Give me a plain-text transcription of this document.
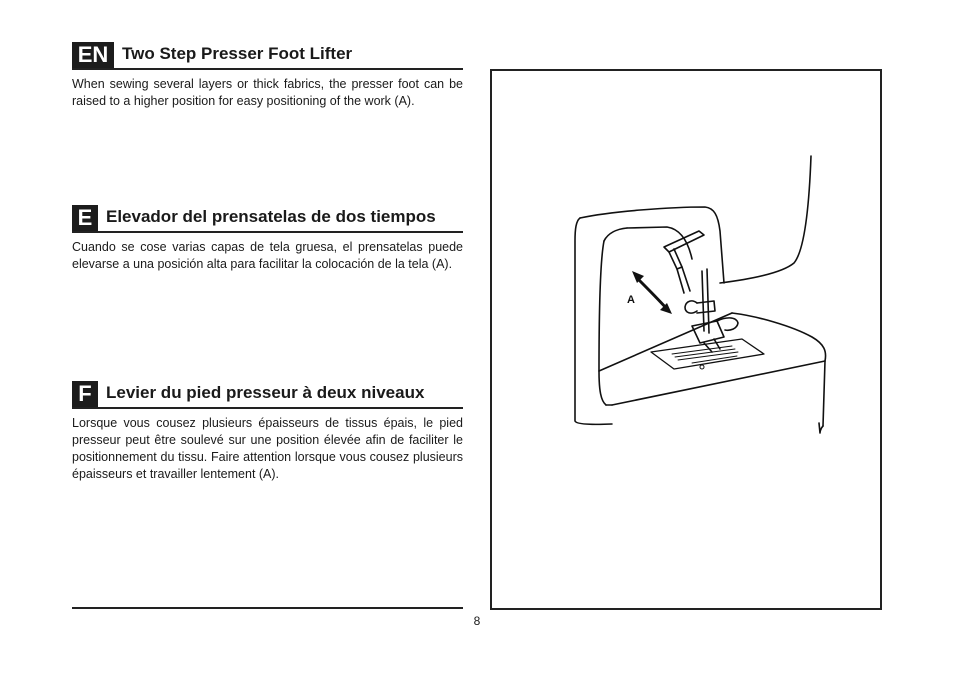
EN Two Step Presser Foot Lifter
When sewing several layers or thick fabrics, the presser foot can be raised to a higher position for easy positioning of the work (A).
E Elevador del prensatelas de dos tiempos
Cuando se cose varias capas de tela gruesa, el prensatelas puede elevarse a una posición alta para facilitar la colocación de la tela (A).
F Levier du pied presseur à deux niveaux
Lorsque vous cousez plusieurs épaisseurs de tissus épais, le pied presseur peut être soulevé sur une position élevée afin de faciliter le positionnement du tissu. Faire attention lorsque vous cousez plusieurs épaisseurs et travailler lentement (A).
8
A
